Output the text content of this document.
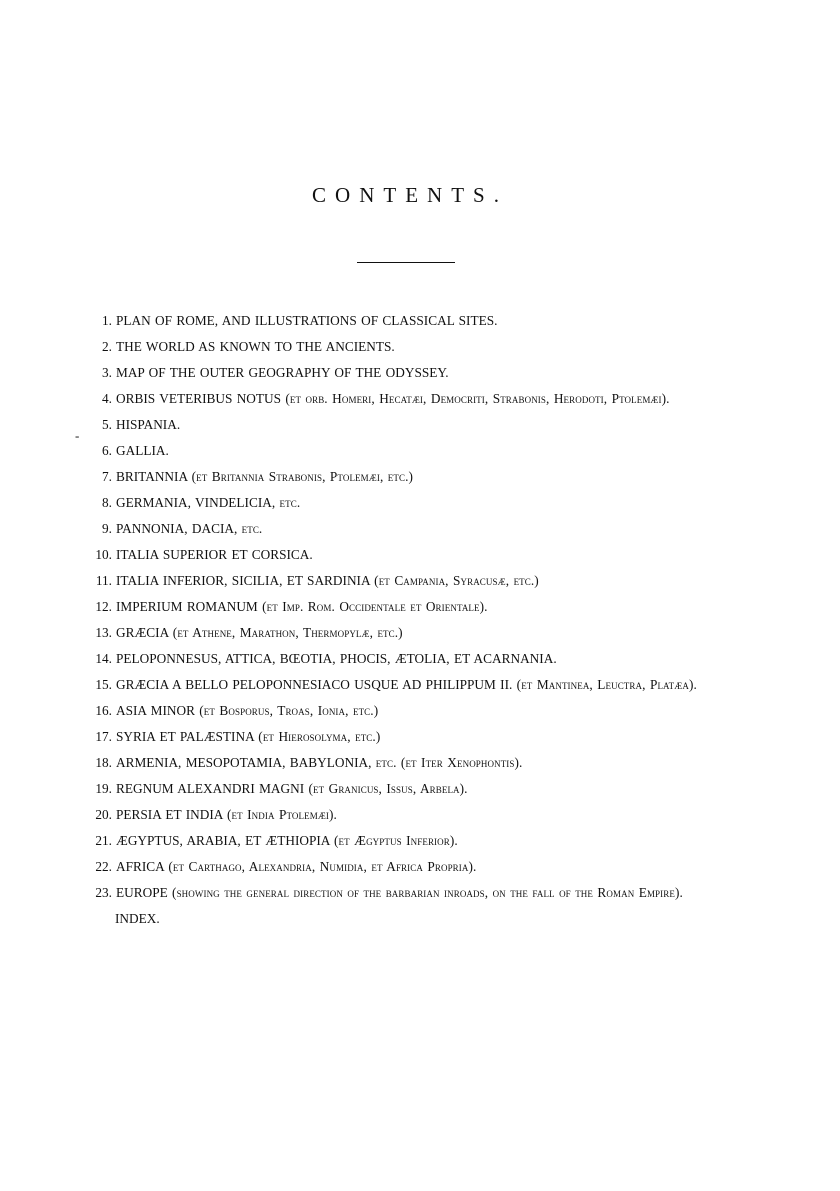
CONTENTS.
-
1. PLAN OF ROME, AND ILLUSTRATIONS OF CLASSICAL SITES.
2. THE WORLD AS KNOWN TO THE ANCIENTS.
3. MAP OF THE OUTER GEOGRAPHY OF THE ODYSSEY.
4. ORBIS VETERIBUS NOTUS (et orb. Homeri, Hecatæi, Democriti, Strabonis, Herodoti, Ptolemæi).
5. HISPANIA.
6. GALLIA.
7. BRITANNIA (et Britannia Strabonis, Ptolemæi, etc.)
8. GERMANIA, VINDELICIA, etc.
9. PANNONIA, DACIA, etc.
10. ITALIA SUPERIOR ET CORSICA.
11. ITALIA INFERIOR, SICILIA, ET SARDINIA (et Campania, Syracusæ, etc.)
12. IMPERIUM ROMANUM (et Imp. Rom. Occidentale et Orientale).
13. GRÆCIA (et Athene, Marathon, Thermopylæ, etc.)
14. PELOPONNESUS, ATTICA, BŒOTIA, PHOCIS, ÆTOLIA, ET ACARNANIA.
15. GRÆCIA A BELLO PELOPONNESIACO USQUE AD PHILIPPUM II. (et Mantinea, Leuctra, Platæa).
16. ASIA MINOR (et Bosporus, Troas, Ionia, etc.)
17. SYRIA ET PALÆSTINA (et Hierosolyma, etc.)
18. ARMENIA, MESOPOTAMIA, BABYLONIA, etc. (et Iter Xenophontis).
19. REGNUM ALEXANDRI MAGNI (et Granicus, Issus, Arbela).
20. PERSIA ET INDIA (et India Ptolemæi).
21. ÆGYPTUS, ARABIA, ET ÆTHIOPIA (et Ægyptus Inferior).
22. AFRICA (et Carthago, Alexandria, Numidia, et Africa Propria).
23. EUROPE (showing the general direction of the barbarian inroads, on the fall of the Roman Empire).
INDEX.
